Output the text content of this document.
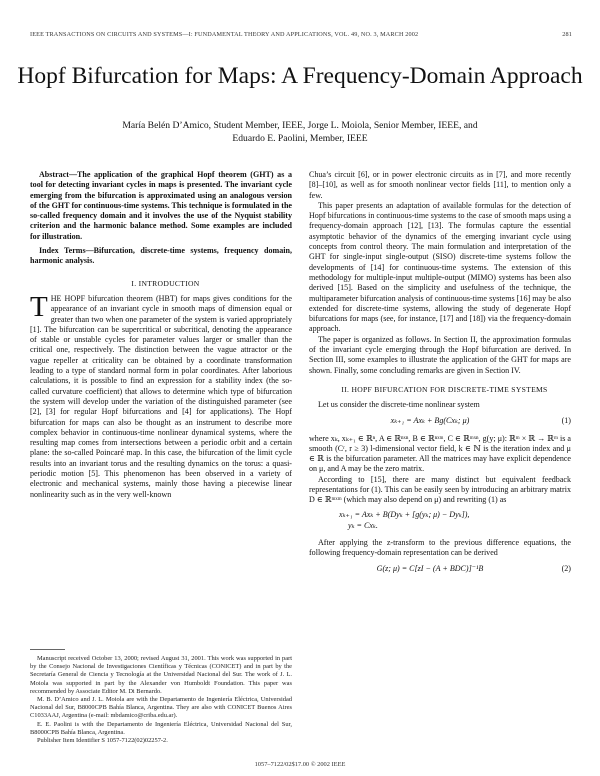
IEEE TRANSACTIONS ON CIRCUITS AND SYSTEMS—I: FUNDAMENTAL THEORY AND APPLICATIONS, VOL. 49, NO. 3, MARCH 2002	281
Hopf Bifurcation for Maps: A Frequency-Domain Approach
María Belén D’Amico, Student Member, IEEE, Jorge L. Moiola, Senior Member, IEEE, and
Eduardo E. Paolini, Member, IEEE

Abstract—The application of the graphical Hopf theorem (GHT) as a tool for detecting invariant cycles in maps is presented. The invariant cycle emerging from the bifurcation is approximated using an analogous version of the GHT for continuous-time systems. This technique is formulated in the so-called frequency domain and it involves the use of the Nyquist stability criterion and the harmonic balance method. Some examples are included for illustration.

Index Terms—Bifurcation, discrete-time systems, frequency domain, harmonic analysis.

I. INTRODUCTION

THE HOPF bifurcation theorem (HBT) for maps gives conditions for the appearance of an invariant cycle in smooth maps of dimension equal or greater than two when one parameter of the system is varied appropriately [1]. The bifurcation can be supercritical or subcritical, denoting the appearance of stable or unstable cycles for parameter values larger or smaller than the critical one, respectively. The distinction between the vague attractor or the vague repeller at criticality can be obtained by a coordinate transformation leading to a type of standard normal form in polar coordinates. After laborious calculations, it is possible to find an expression for a stability index (the so-called curvature coefficient) that allows to determine which type of bifurcation the system will develop under the variation of the distinguished parameter (see [2], [3] for regular Hopf bifurcations and [4] for applications). The Hopf bifurcation for maps can also be thought as an instrument to describe more complex behavior in continuous-time nonlinear dynamical systems, where the resulting map comes from intersections between a periodic orbit and a certain plane: the so-called Poincaré map. In this case, the bifurcation of the limit cycle results into an invariant torus and the resulting dynamics on the torus: a quasi-periodic motion [5]. This phenomenon has been observed in a variety of electronic and mechanical systems, mainly those having a piecewise linear nonlinearity such as in the very well-known

Manuscript received October 13, 2000; revised August 31, 2001. This work was supported in part by the Consejo Nacional de Investigaciones Científicas y Técnicas (CONICET) and in part by the Secretaría General de Ciencia y Tecnología at the Universidad Nacional del Sur. The work of J. L. Moiola was supported in part by the Alexander von Humboldt Foundation. This paper was recommended by Associate Editor M. Di Bernardo.

M. B. D’Amico and J. L. Moiola are with the Departamento de Ingeniería Eléctrica, Universidad Nacional del Sur, B8000CPB Bahía Blanca, Argentina. They are also with CONICET Buenos Aires C1033AAJ, Argentina (e-mail: mbdamico@criba.edu.ar).

E. E. Paolini is with the Departamento de Ingeniería Eléctrica, Universidad Nacional del Sur, B8000CPB Bahía Blanca, Argentina.

Publisher Item Identifier S 1057-7122(02)02257-2.

Chua’s circuit [6], or in power electronic circuits as in [7], and more recently [8]–[10], as well as for smooth nonlinear vector fields [11], to mention only a few.

This paper presents an adaptation of available formulas for the detection of Hopf bifurcations in continuous-time systems to the case of smooth maps using a frequency-domain approach [12], [13]. The formulas capture the essential asymptotic behavior of the dynamics of the emerging invariant cycle using concepts from control theory. The main formulation and interpretation of the GHT for single-input single-output (SISO) discrete-time systems follow the developments of [14] for continuous-time systems. The extension of this methodology for multiple-input multiple-output (MIMO) systems has been also derived [15]. Based on the simplicity and usefulness of the technique, the multiparameter bifurcation analysis of continuous-time systems [16] may be also extended for discrete-time systems, allowing the study of degenerate Hopf bifurcations for maps (see, for instance, [17] and [18]) via the frequency-domain approach.

The paper is organized as follows. In Section II, the approximation formulas of the invariant cycle emerging through the Hopf bifurcation are derived. In Section III, some examples to illustrate the application of the GHT for maps are shown. Finally, some concluding remarks are given in Section IV.

II. HOPF BIFURCATION FOR DISCRETE-TIME SYSTEMS

Let us consider the discrete-time nonlinear system

xₖ₊₁ = Axₖ + Bg(Cxₖ; μ)	(1)

where xₖ, xₖ₊₁ ∈ ℝⁿ, A ∈ ℝⁿˣⁿ, B ∈ ℝⁿˣᵐ, C ∈ ℝᵐˣⁿ, g(y; μ): ℝᵐ × ℝ → ℝᵐ is a smooth (Cʳ, r ≥ 3) l-dimensional vector field, k ∈ ℕ is the iteration index and μ ∈ ℝ is the bifurcation parameter. All the matrices may have explicit dependence on μ, and A may be the zero matrix.

According to [15], there are many distinct but equivalent feedback representations for (1). This can be easily seen by introducing an arbitrary matrix D ∈ ℝᵐˣᵐ (which may also depend on μ) and rewriting (1) as

xₖ₊₁ = Axₖ + B(Dyₖ + [g(yₖ; μ) − Dyₖ]),
yₖ = Cxₖ.

After applying the z-transform to the previous difference equations, the following frequency-domain representation can be derived

G(z; μ) = C[zI − (A + BDC)]⁻¹B	(2)
1057–7122/02$17.00 © 2002 IEEE
